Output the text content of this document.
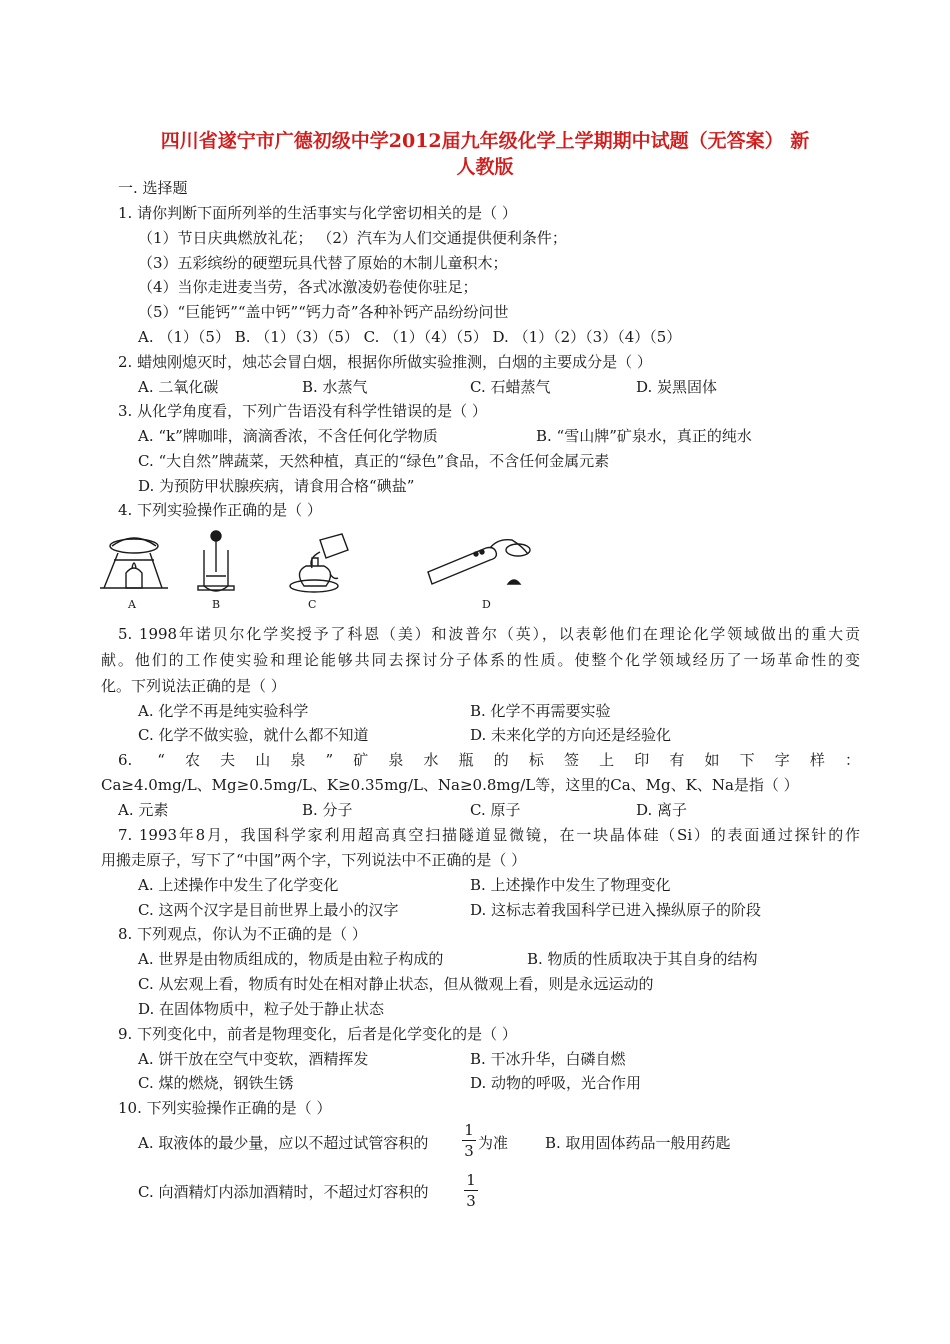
四川省遂宁市广德初级中学2012届九年级化学上学期期中试题（无答案） 新
人教版
一. 选择题
1. 请你判断下面所列举的生活事实与化学密切相关的是（ ）
（1）节日庆典燃放礼花； （2）汽车为人们交通提供便利条件；
（3）五彩缤纷的硬塑玩具代替了原始的木制儿童积木；
（4）当你走进麦当劳，各式冰激凌奶卷使你驻足；
（5）“巨能钙”“盖中钙”“钙力奇”各种补钙产品纷纷问世
A. （1）（5） B. （1）（3）（5） C. （1）（4）（5） D. （1）（2）（3）（4）（5）
2. 蜡烛刚熄灭时，烛芯会冒白烟，根据你所做实验推测，白烟的主要成分是（ ）
A. 二氧化碳	B. 水蒸气	C. 石蜡蒸气	D. 炭黑固体
3. 从化学角度看，下列广告语没有科学性错误的是（ ）
A. “k”牌咖啡，滴滴香浓，不含任何化学物质	B. “雪山牌”矿泉水，真正的纯水
C. “大自然”牌蔬菜，天然种植，真正的“绿色”食品，不含任何金属元素
D. 为预防甲状腺疾病，请食用合格“碘盐”
4. 下列实验操作正确的是（ ）
A	B	C	D
5. 1998年诺贝尔化学奖授予了科恩（美）和波普尔（英），以表彰他们在理论化学领域做出的重大贡
献。他们的工作使实验和理论能够共同去探讨分子体系的性质。使整个化学领域经历了一场革命性的变
化。下列说法正确的是（ ）
A. 化学不再是纯实验科学	B. 化学不再需要实验
C. 化学不做实验，就什么都不知道	D. 未来化学的方向还是经验化
6. “农夫山泉”矿泉水瓶的标签上印有如下字样：
Ca≥4.0mg/L、Mg≥0.5mg/L、K≥0.35mg/L、Na≥0.8mg/L等，这里的Ca、Mg、K、Na是指（ ）
A. 元素	B. 分子	C. 原子	D. 离子
7. 1993年8月，我国科学家利用超高真空扫描隧道显微镜，在一块晶体硅（Si）的表面通过探针的作
用搬走原子，写下了“中国”两个字，下列说法中不正确的是（ ）
A. 上述操作中发生了化学变化	B. 上述操作中发生了物理变化
C. 这两个汉字是目前世界上最小的汉字	D. 这标志着我国科学已进入操纵原子的阶段
8. 下列观点，你认为不正确的是（ ）
A. 世界是由物质组成的，物质是由粒子构成的	B. 物质的性质取决于其自身的结构
C. 从宏观上看，物质有时处在相对静止状态，但从微观上看，则是永远运动的
D. 在固体物质中，粒子处于静止状态
9. 下列变化中，前者是物理变化，后者是化学变化的是（ ）
A. 饼干放在空气中变软，酒精挥发	B. 干冰升华，白磷自燃
C. 煤的燃烧，钢铁生锈	D. 动物的呼吸，光合作用
10. 下列实验操作正确的是（ ）
A. 取液体的最少量，应以不超过试管容积的
1
3 为准 B. 取用固体药品一般用药匙
C. 向酒精灯内添加酒精时，不超过灯容积的
1
3
